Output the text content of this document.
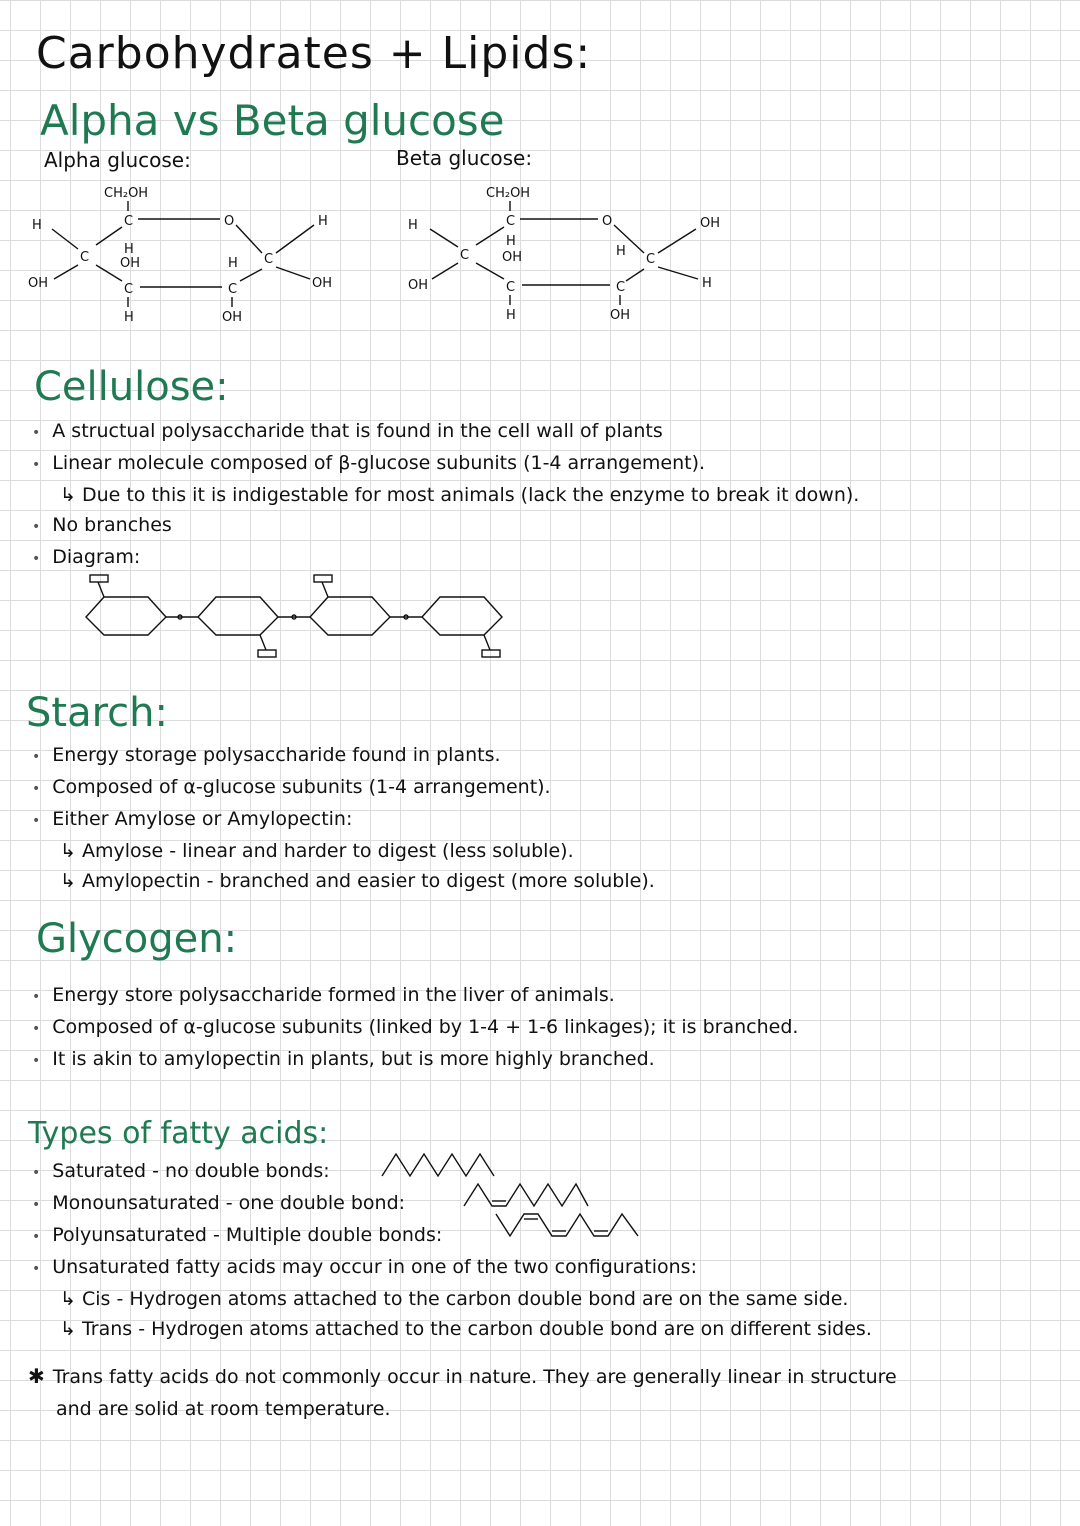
Carbohydrates + Lipids:
Alpha vs Beta glucose
Alpha glucose:	Beta glucose:
CH₂OH
C	O
C
H
OH
C
H
OH
C
H
H
OH
C
H
OH
CH₂OH
C	O
C
OH
H
C
H
OH
C
H
H
OH
C
H
OH
Cellulose:
• A structual polysaccharide that is found in the cell wall of plants
• Linear molecule composed of β-glucose subunits (1-4 arrangement).
↳ Due to this it is indigestable for most animals (lack the enzyme to break it down).
• No branches
• Diagram:
Starch:
• Energy storage polysaccharide found in plants.
• Composed of α-glucose subunits (1-4 arrangement).
• Either Amylose or Amylopectin:
↳ Amylose - linear and harder to digest (less soluble).
↳ Amylopectin - branched and easier to digest (more soluble).
Glycogen:
• Energy store polysaccharide formed in the liver of animals.
• Composed of α-glucose subunits (linked by 1-4 + 1-6 linkages); it is branched.
• It is akin to amylopectin in plants, but is more highly branched.
Types of fatty acids:
• Saturated - no double bonds:
• Monounsaturated - one double bond:
• Polyunsaturated - Multiple double bonds:
• Unsaturated fatty acids may occur in one of the two configurations:
↳ Cis - Hydrogen atoms attached to the carbon double bond are on the same side.
↳ Trans - Hydrogen atoms attached to the carbon double bond are on different sides.
✱ Trans fatty acids do not commonly occur in nature. They are generally linear in structure
and are solid at room temperature.
